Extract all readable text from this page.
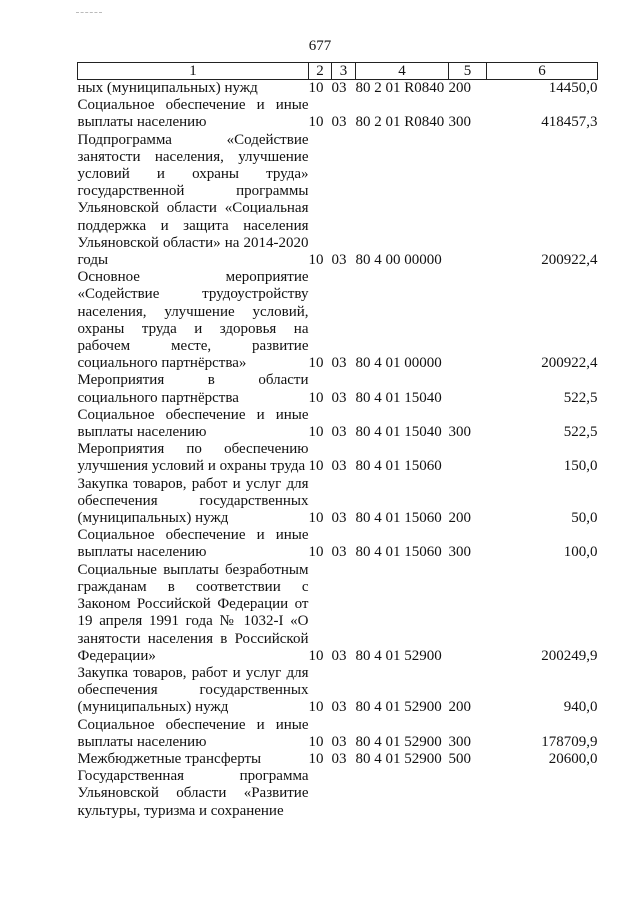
677
1	2	3	4	5	6
ных (муниципальных) нужд	10	03	80 2 01 R0840	200	14450,0
Социальное обеспечение и иные выплаты населению	10	03	80 2 01 R0840	300	418457,3
Подпрограмма «Содействие занятости населения, улучшение условий и охраны труда» государственной программы Ульяновской области «Социальная поддержка и защита населения Ульяновской области» на 2014-2020 годы	10	03	80 4 00 00000		200922,4
Основное мероприятие «Содействие трудоустройству населения, улучшение условий, охраны труда и здоровья на рабочем месте, развитие социального партнёрства»	10	03	80 4 01 00000		200922,4
Мероприятия в области социального партнёрства	10	03	80 4 01 15040		522,5
Социальное обеспечение и иные выплаты населению	10	03	80 4 01 15040	300	522,5
Мероприятия по обеспечению улучшения условий и охраны труда	10	03	80 4 01 15060		150,0
Закупка товаров, работ и услуг для обеспечения государственных (муниципальных) нужд	10	03	80 4 01 15060	200	50,0
Социальное обеспечение и иные выплаты населению	10	03	80 4 01 15060	300	100,0
Социальные выплаты безработным гражданам в соответствии с Законом Российской Федерации от 19 апреля 1991 года № 1032-I «О занятости населения в Российской Федерации»	10	03	80 4 01 52900		200249,9
Закупка товаров, работ и услуг для обеспечения государственных (муниципальных) нужд	10	03	80 4 01 52900	200	940,0
Социальное обеспечение и иные выплаты населению	10	03	80 4 01 52900	300	178709,9
Межбюджетные трансферты	10	03	80 4 01 52900	500	20600,0
Государственная программа Ульяновской области «Развитие культуры, туризма и сохранение					
